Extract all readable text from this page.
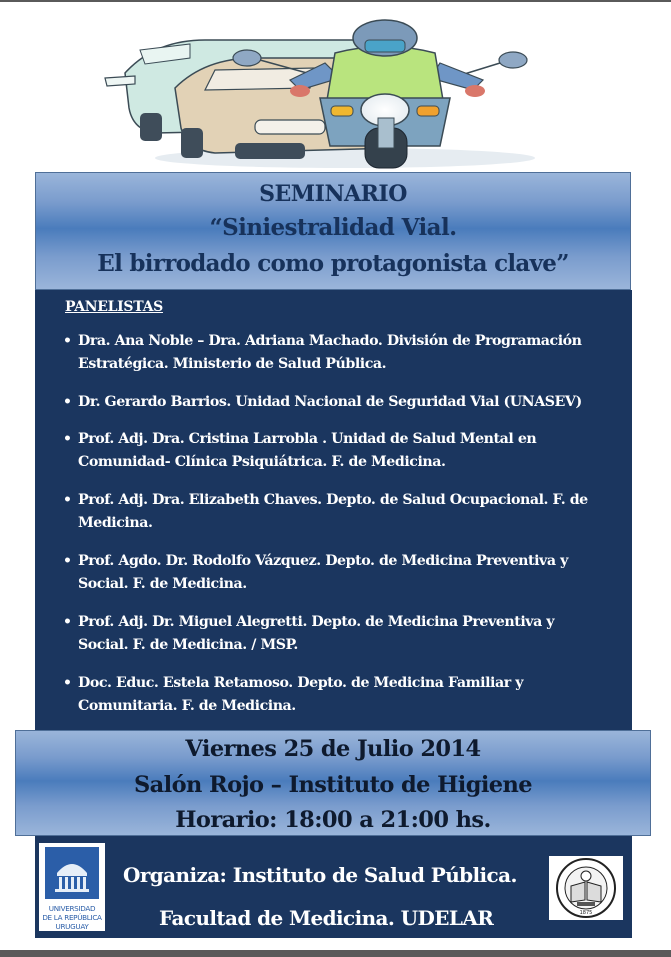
SEMINARIO
“Siniestralidad Vial.
El birrodado como protagonista clave”
PANELISTAS
• Dra. Ana Noble – Dra. Adriana Machado. División de Programación
Estratégica. Ministerio de Salud Pública.
• Dr. Gerardo Barrios. Unidad Nacional de Seguridad Vial (UNASEV)
• Prof. Adj. Dra. Cristina Larrobla . Unidad de Salud Mental en
Comunidad- Clínica Psiquiátrica. F. de Medicina.
• Prof. Adj. Dra. Elizabeth Chaves. Depto. de Salud Ocupacional. F. de
Medicina.
• Prof. Agdo. Dr. Rodolfo Vázquez. Depto. de Medicina Preventiva y
Social. F. de Medicina.
• Prof. Adj. Dr. Miguel Alegretti. Depto. de Medicina Preventiva y
Social. F. de Medicina. / MSP.
• Doc. Educ. Estela Retamoso. Depto. de Medicina Familiar y
Comunitaria. F. de Medicina.
Viernes 25 de Julio 2014
Salón Rojo – Instituto de Higiene
Horario: 18:00 a 21:00 hs.
UNIVERSIDAD
DE LA REPÚBLICA
URUGUAY
Organiza: Instituto de Salud Pública.
Facultad de Medicina. UDELAR	1875
